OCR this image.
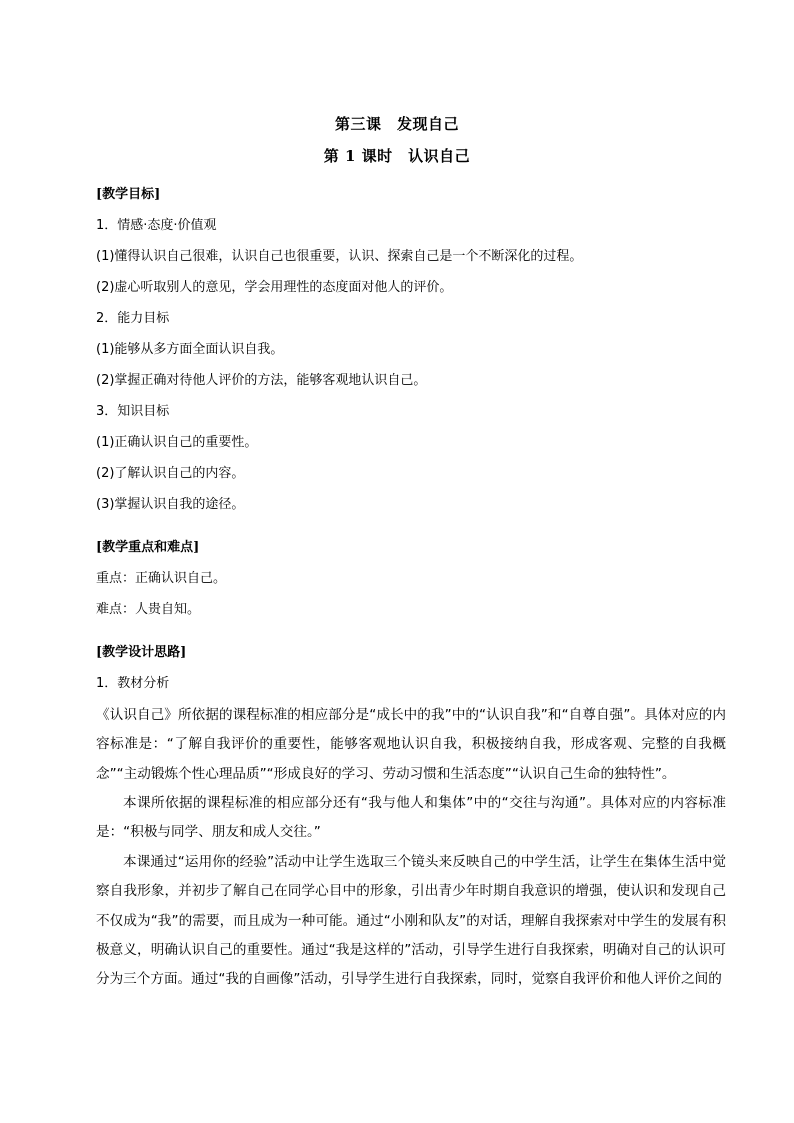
第三课　发现自己
第 1 课时　认识自己
[教学目标]
1．情感·态度·价值观
(1)懂得认识自己很难，认识自己也很重要，认识、探索自己是一个不断深化的过程。
(2)虚心听取别人的意见，学会用理性的态度面对他人的评价。
2．能力目标
(1)能够从多方面全面认识自我。
(2)掌握正确对待他人评价的方法，能够客观地认识自己。
3．知识目标
(1)正确认识自己的重要性。
(2)了解认识自己的内容。
(3)掌握认识自我的途径。
[教学重点和难点]
重点：正确认识自己。
难点：人贵自知。
[教学设计思路]
1．教材分析
《认识自己》所依据的课程标准的相应部分是“成长中的我”中的“认识自我”和“自尊自强”。具体对应的内容标准是：“了解自我评价的重要性，能够客观地认识自我，积极接纳自我，形成客观、完整的自我概念”“主动锻炼个性心理品质”“形成良好的学习、劳动习惯和生活态度”“认识自己生命的独特性”。
本课所依据的课程标准的相应部分还有“我与他人和集体”中的“交往与沟通”。具体对应的内容标准是：“积极与同学、朋友和成人交往。”
本课通过“运用你的经验”活动中让学生选取三个镜头来反映自己的中学生活，让学生在集体生活中觉察自我形象，并初步了解自己在同学心目中的形象，引出青少年时期自我意识的增强，使认识和发现自己不仅成为“我”的需要，而且成为一种可能。通过“小刚和队友”的对话，理解自我探索对中学生的发展有积极意义，明确认识自己的重要性。通过“我是这样的”活动，引导学生进行自我探索，明确对自己的认识可分为三个方面。通过“我的自画像”活动，引导学生进行自我探索，同时，觉察自我评价和他人评价之间的
